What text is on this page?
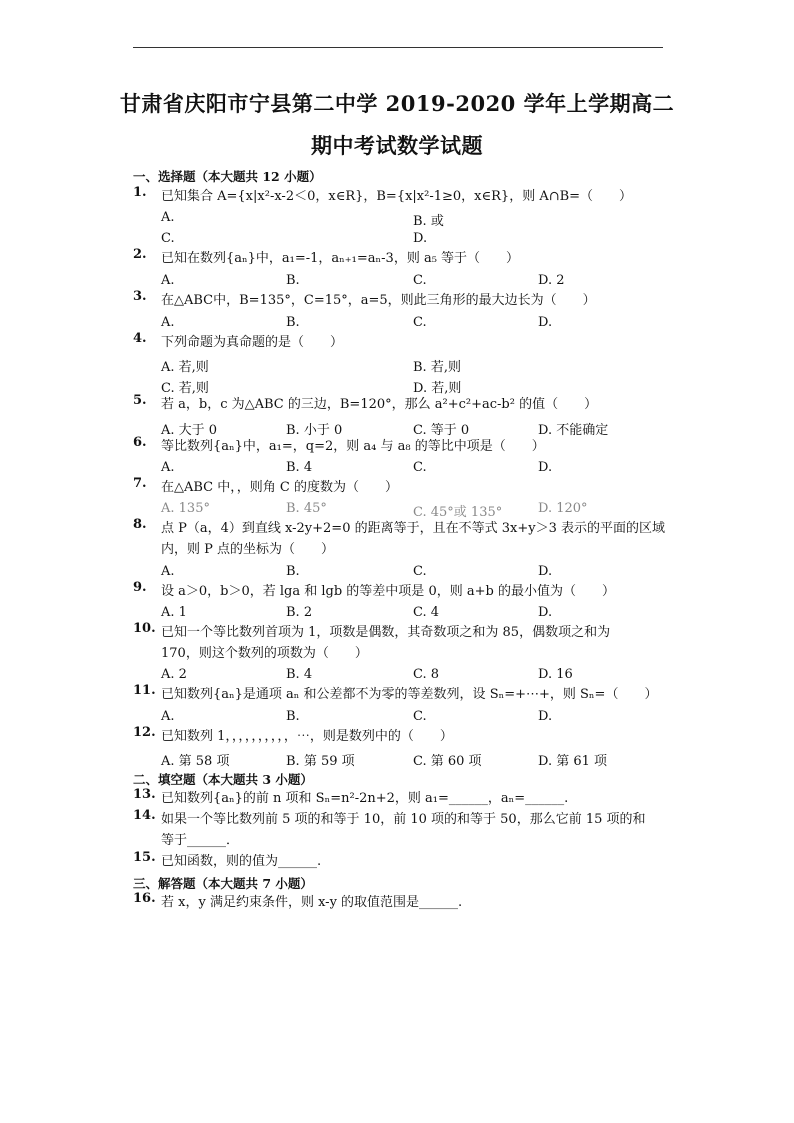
甘肃省庆阳市宁县第二中学 2019-2020 学年上学期高二
期中考试数学试题
一、选择题（本大题共 12 小题）
1. 已知集合 A={x|x²-x-2＜0，x∈R}，B={x|x²-1≥0，x∈R}，则 A∩B=（　　）
A.	B. 或
C.	D.
2. 已知在数列{aₙ}中，a₁=-1，aₙ₊₁=aₙ-3，则 a₅ 等于（　　）
A.	B.	C.	D. 2
3. 在△ABC中，B=135°，C=15°，a=5，则此三角形的最大边长为（　　）
A.	B.	C.	D.
4. 下列命题为真命题的是（　　）
A. 若,则	B. 若,则
C. 若,则	D. 若,则
5. 若 a，b，c 为△ABC 的三边，B=120°，那么 a²+c²+ac-b² 的值（　　）
A. 大于 0	B. 小于 0	C. 等于 0	D. 不能确定
6. 等比数列{aₙ}中，a₁=，q=2，则 a₄ 与 a₈ 的等比中项是（　　）
A.	B. 4	C.	D.
7. 在△ABC 中，，则角 C 的度数为（　　）
A. 135°	B. 45°	C. 45°或 135°	D. 120°
8. 点 P（a，4）到直线 x-2y+2=0 的距离等于，且在不等式 3x+y＞3 表示的平面的区域
内，则 P 点的坐标为（　　）
A.	B.	C.	D.
9. 设 a＞0，b＞0，若 lga 和 lgb 的等差中项是 0，则 a+b 的最小值为（　　）
A. 1	B. 2	C. 4	D.
10. 已知一个等比数列首项为 1，项数是偶数，其奇数项之和为 85，偶数项之和为
170，则这个数列的项数为（　　）
A. 2	B. 4	C. 8	D. 16
11. 已知数列{aₙ}是通项 aₙ 和公差都不为零的等差数列，设 Sₙ=+⋯+，则 Sₙ=（　　）
A.	B.	C.	D.
12. 已知数列 1，，，，，，，，，，⋯，则是数列中的（　　）
A. 第 58 项	B. 第 59 项	C. 第 60 项	D. 第 61 项
二、填空题（本大题共 3 小题）
13. 已知数列{aₙ}的前 n 项和 Sₙ=n²-2n+2，则 a₁=______，aₙ=______.
14. 如果一个等比数列前 5 项的和等于 10，前 10 项的和等于 50，那么它前 15 项的和
等于______．
15. 已知函数，则的值为______.
三、解答题（本大题共 7 小题）
16. 若 x，y 满足约束条件，则 x-y 的取值范围是______.
